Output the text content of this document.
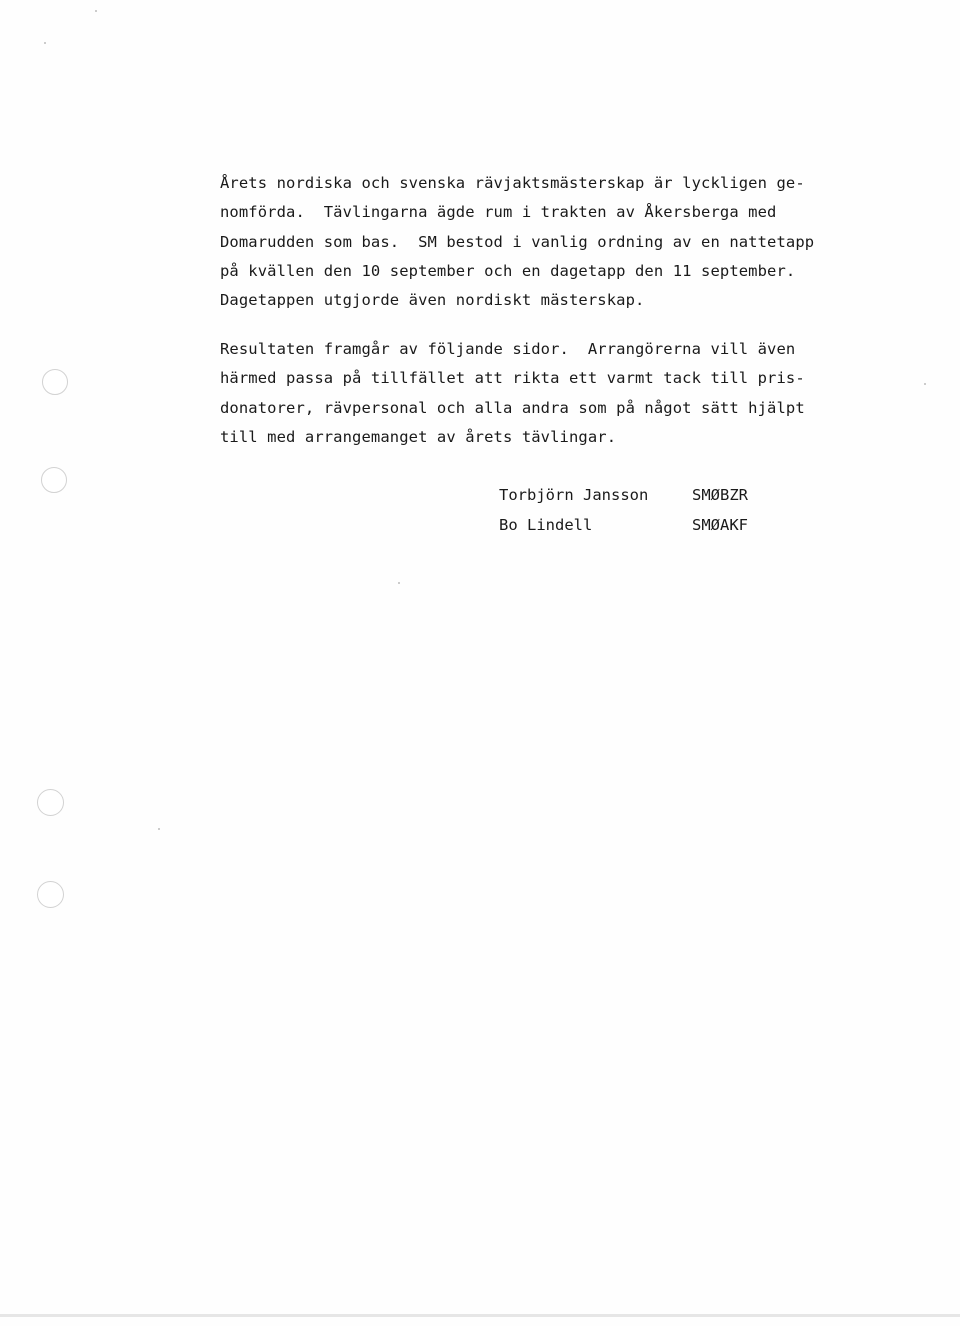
Årets nordiska och svenska rävjaktsmästerskap är lyckligen ge-
nomförda.  Tävlingarna ägde rum i trakten av Åkersberga med
Domarudden som bas.  SM bestod i vanlig ordning av en nattetapp
på kvällen den 10 september och en dagetapp den 11 september.
Dagetappen utgjorde även nordiskt mästerskap.
Resultaten framgår av följande sidor.  Arrangörerna vill även
härmed passa på tillfället att rikta ett varmt tack till pris-
donatorer, rävpersonal och alla andra som på något sätt hjälpt
till med arrangemanget av årets tävlingar.
Torbjörn Jansson	SMØBZR
Bo Lindell	SMØAKF
